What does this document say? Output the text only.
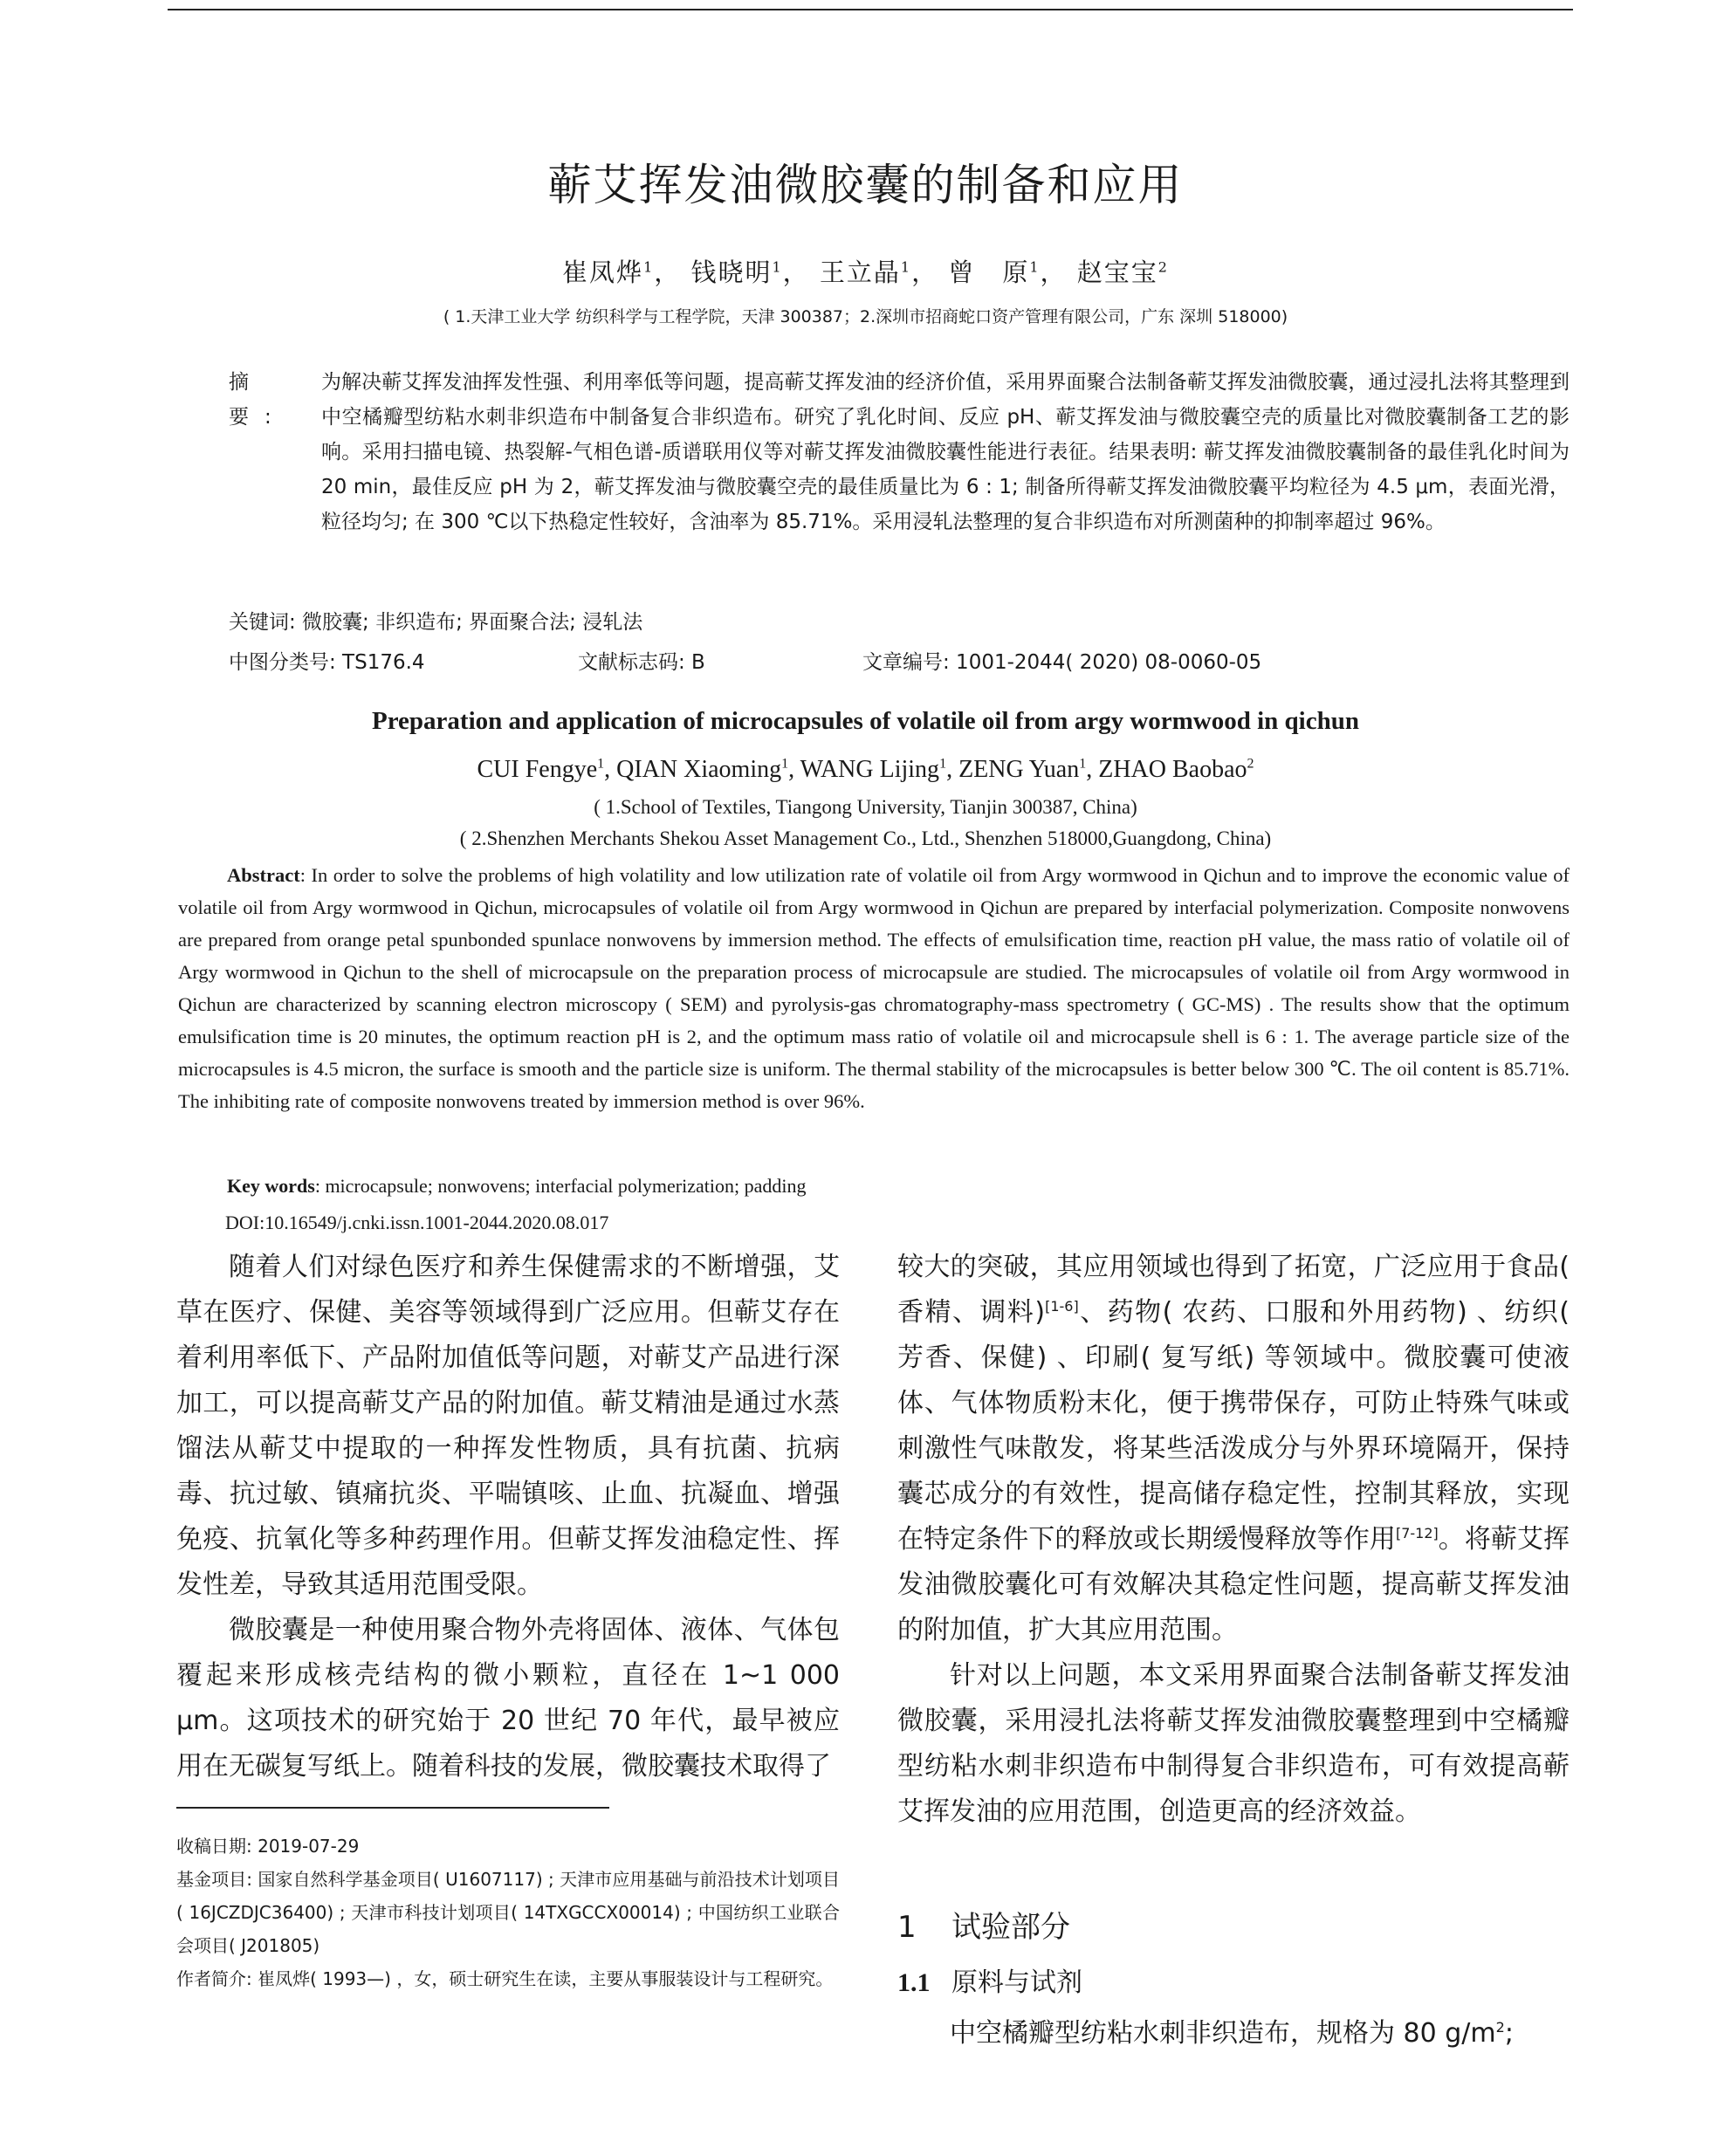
蕲艾挥发油微胶囊的制备和应用
崔凤烨$^1$， 钱晓明$^1$， 王立晶$^1$， 曾　原$^1$， 赵宝宝$^2$
( 1.天津工业大学 纺织科学与工程学院，天津 300387；2.深圳市招商蛇口资产管理有限公司，广东 深圳 518000)
摘 要:
为解决蕲艾挥发油挥发性强、利用率低等问题，提高蕲艾挥发油的经济价值，采用界面聚合法制备蕲艾挥发油微胶囊，通过浸扎法将其整理到中空橘瓣型纺粘水刺非织造布中制备复合非织造布。研究了乳化时间、反应 pH、蕲艾挥发油与微胶囊空壳的质量比对微胶囊制备工艺的影响。采用扫描电镜、热裂解-气相色谱-质谱联用仪等对蕲艾挥发油微胶囊性能进行表征。结果表明: 蕲艾挥发油微胶囊制备的最佳乳化时间为 20 min，最佳反应 pH 为 2，蕲艾挥发油与微胶囊空壳的最佳质量比为 6 : 1; 制备所得蕲艾挥发油微胶囊平均粒径为 4.5 μm，表面光滑，粒径均匀; 在 300 ℃以下热稳定性较好，含油率为 85.71%。采用浸轧法整理的复合非织造布对所测菌种的抑制率超过 96%。
关键词: 微胶囊; 非织造布; 界面聚合法; 浸轧法
中图分类号: TS176.4	文献标志码: B	文章编号: 1001-2044( 2020) 08-0060-05
Preparation and application of microcapsules of volatile oil from argy wormwood in qichun
CUI Fengye$^1$, QIAN Xiaoming$^1$, WANG Lijing$^1$, ZENG Yuan$^1$, ZHAO Baobao$^2$
( 1.School of Textiles, Tiangong University, Tianjin 300387, China)
( 2.Shenzhen Merchants Shekou Asset Management Co., Ltd., Shenzhen 518000,Guangdong, China)
Abstract: In order to solve the problems of high volatility and low utilization rate of volatile oil from Argy wormwood in Qichun and to improve the economic value of volatile oil from Argy wormwood in Qichun, microcapsules of volatile oil from Argy wormwood in Qichun are prepared by interfacial polymerization. Composite nonwovens are prepared from orange petal spunbonded spunlace nonwovens by immersion method. The effects of emulsification time, reaction pH value, the mass ratio of volatile oil of Argy wormwood in Qichun to the shell of microcapsule on the preparation process of microcapsule are studied. The microcapsules of volatile oil from Argy wormwood in Qichun are characterized by scanning electron microscopy ( SEM) and pyrolysis-gas chromatography-mass spectrometry ( GC-MS) . The results show that the optimum emulsification time is 20 minutes, the optimum reaction pH is 2, and the optimum mass ratio of volatile oil and microcapsule shell is 6 : 1. The average particle size of the microcapsules is 4.5 micron, the surface is smooth and the particle size is uniform. The thermal stability of the microcapsules is better below 300 ℃. The oil content is 85.71%. The inhibiting rate of composite nonwovens treated by immersion method is over 96%.
Key words: microcapsule; nonwovens; interfacial polymerization; padding
DOI:10.16549/j.cnki.issn.1001-2044.2020.08.017

随着人们对绿色医疗和养生保健需求的不断增强，艾草在医疗、保健、美容等领域得到广泛应用。但蕲艾存在着利用率低下、产品附加值低等问题，对蕲艾产品进行深加工，可以提高蕲艾产品的附加值。蕲艾精油是通过水蒸馏法从蕲艾中提取的一种挥发性物质，具有抗菌、抗病毒、抗过敏、镇痛抗炎、平喘镇咳、止血、抗凝血、增强免疫、抗氧化等多种药理作用。但蕲艾挥发油稳定性、挥发性差，导致其适用范围受限。

微胶囊是一种使用聚合物外壳将固体、液体、气体包覆起来形成核壳结构的微小颗粒，直径在 1~1 000 μm。这项技术的研究始于 20 世纪 70 年代，最早被应用在无碳复写纸上。随着科技的发展，微胶囊技术取得了

收稿日期: 2019-07-29

基金项目: 国家自然科学基金项目( U1607117) ; 天津市应用基础与前沿技术计划项目( 16JCZDJC36400) ; 天津市科技计划项目( 14TXGCCX00014) ; 中国纺织工业联合会项目( J201805)

作者简介: 崔凤烨( 1993—) ，女，硕士研究生在读，主要从事服装设计与工程研究。

较大的突破，其应用领域也得到了拓宽，广泛应用于食品( 香精、调料)[1-6]、药物( 农药、口服和外用药物) 、纺织( 芳香、保健) 、印刷( 复写纸) 等领域中。微胶囊可使液体、气体物质粉末化，便于携带保存，可防止特殊气味或刺激性气味散发，将某些活泼成分与外界环境隔开，保持囊芯成分的有效性，提高储存稳定性，控制其释放，实现在特定条件下的释放或长期缓慢释放等作用[7-12]。将蕲艾挥发油微胶囊化可有效解决其稳定性问题，提高蕲艾挥发油的附加值，扩大其应用范围。

针对以上问题，本文采用界面聚合法制备蕲艾挥发油微胶囊，采用浸扎法将蕲艾挥发油微胶囊整理到中空橘瓣型纺粘水刺非织造布中制得复合非织造布，可有效提高蕲艾挥发油的应用范围，创造更高的经济效益。

1 试验部分
1.1 原料与试剂
中空橘瓣型纺粘水刺非织造布，规格为 80 $g/m^2$;
